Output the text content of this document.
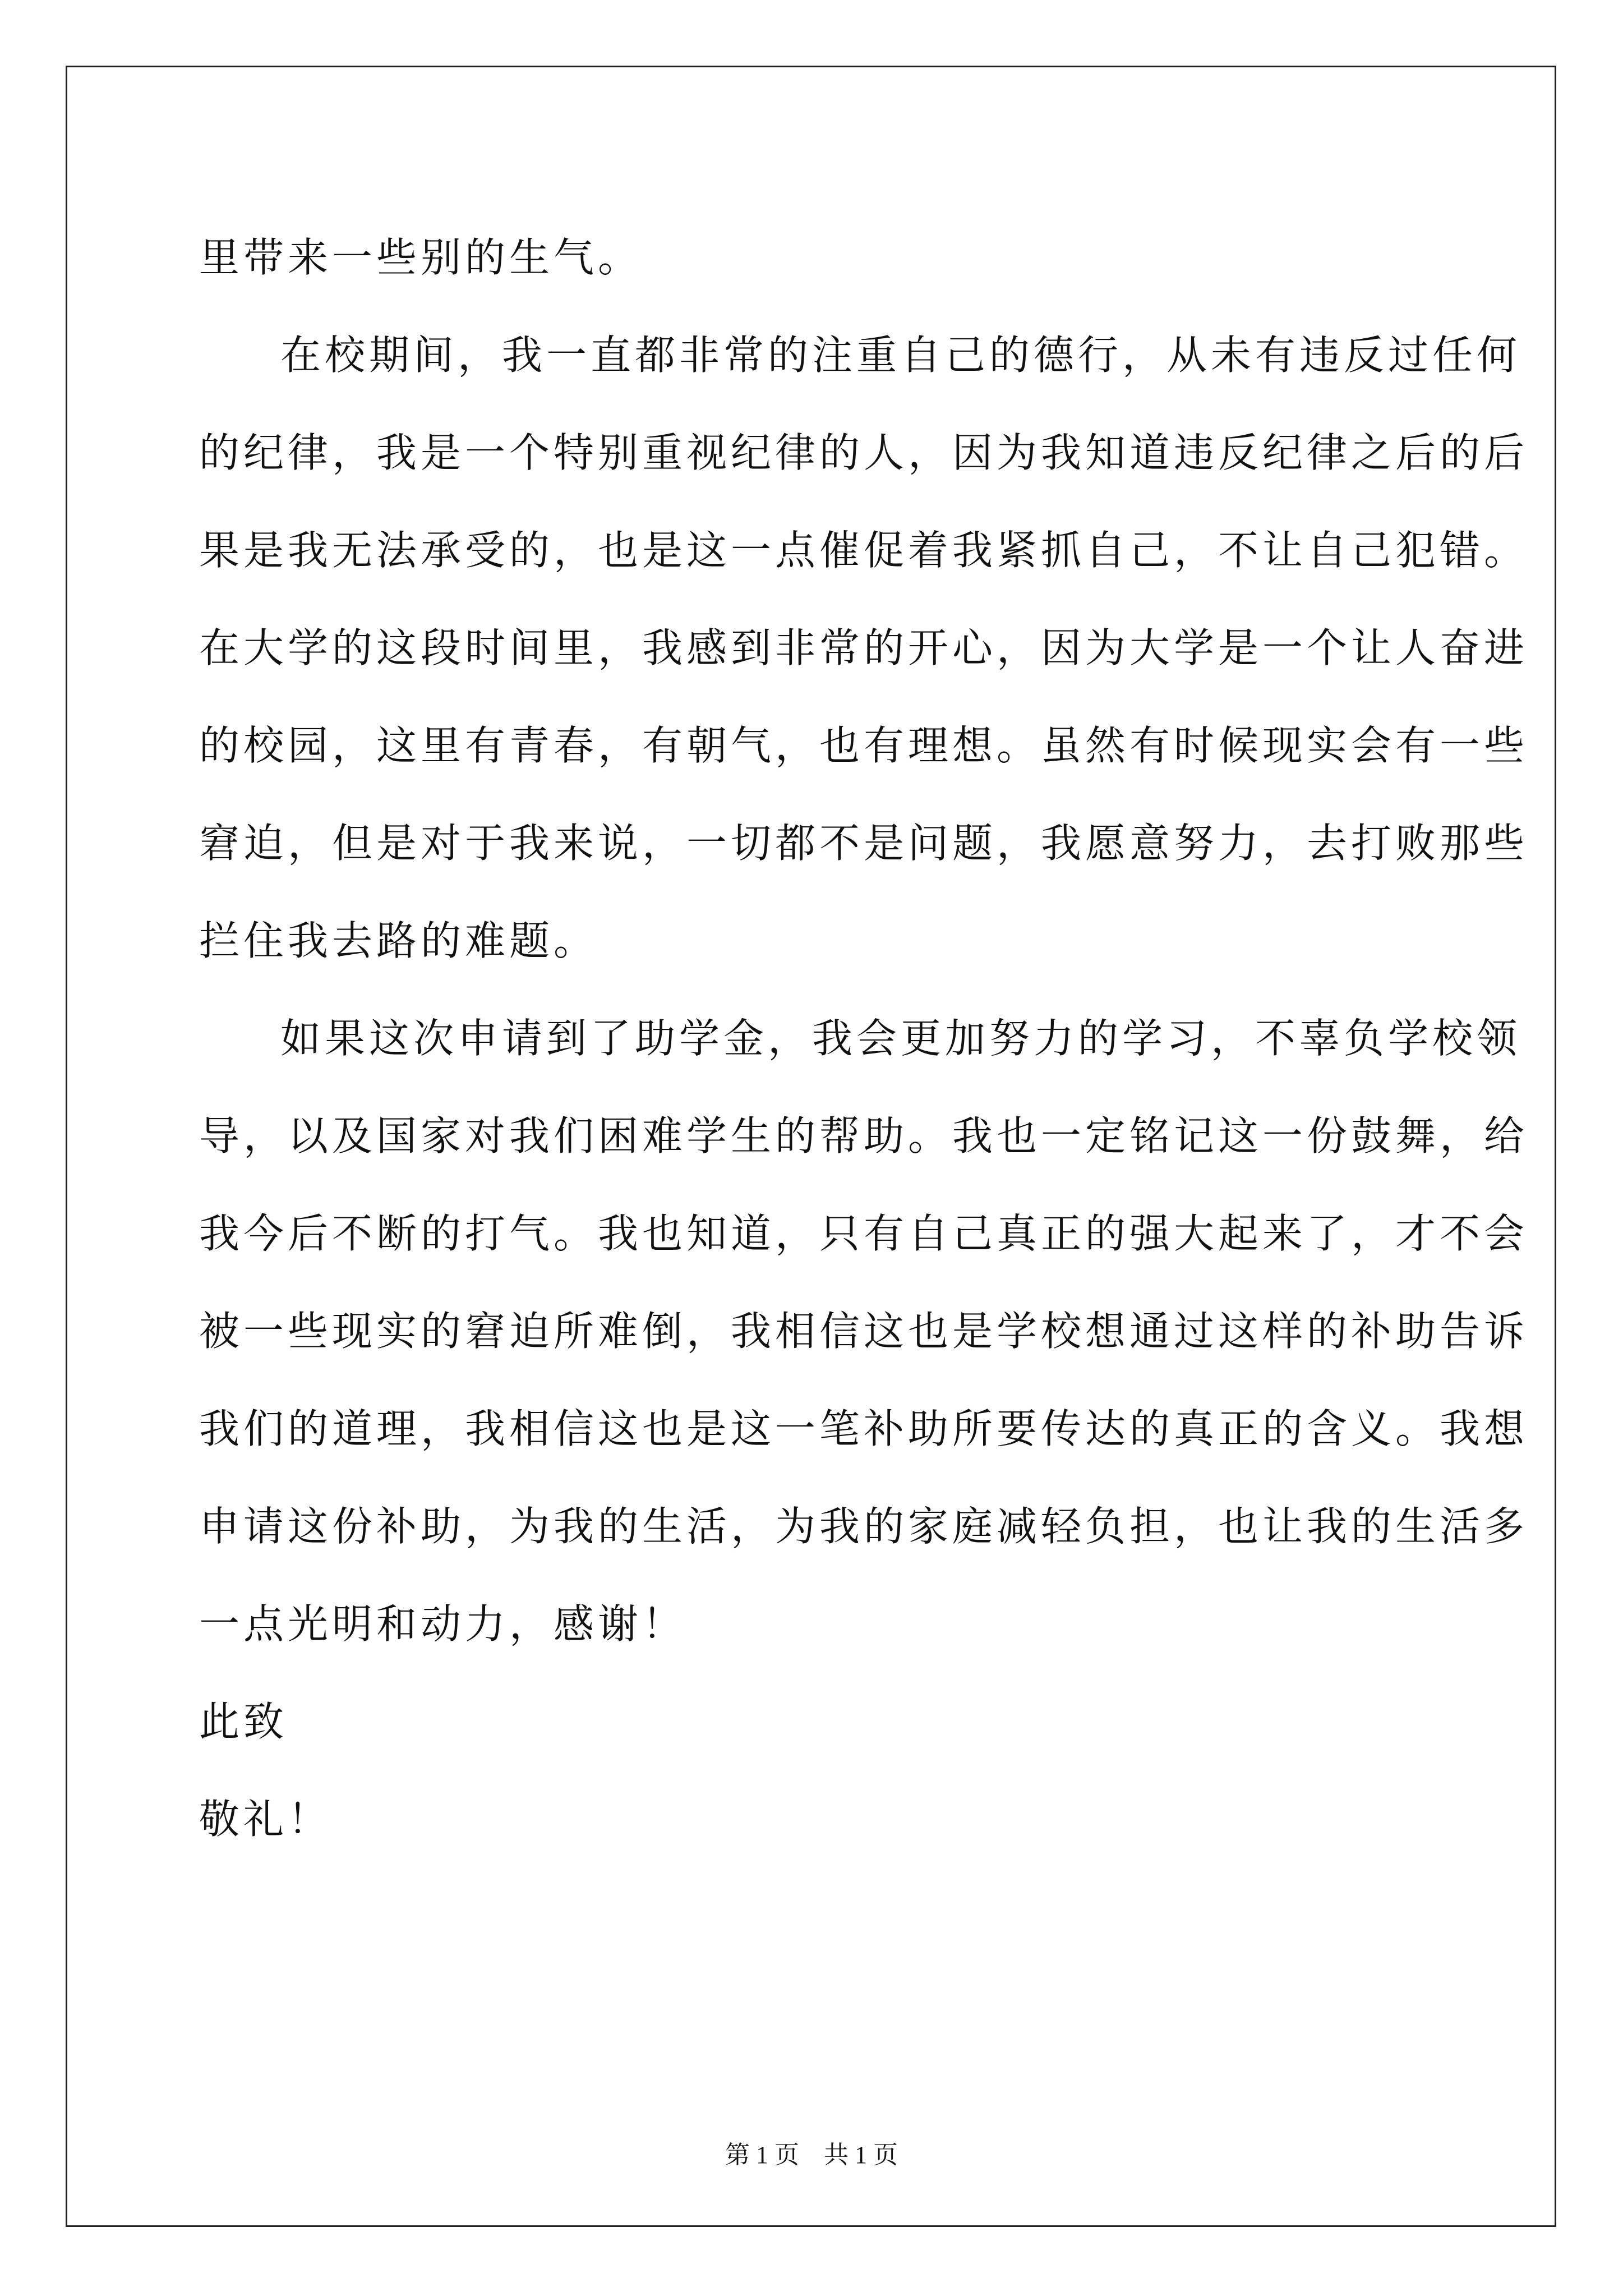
里带来一些别的生气。

在校期间，我一直都非常的注重自己的德行，从未有违反过任何

的纪律，我是一个特别重视纪律的人，因为我知道违反纪律之后的后

果是我无法承受的，也是这一点催促着我紧抓自己，不让自己犯错。

在大学的这段时间里，我感到非常的开心，因为大学是一个让人奋进

的校园，这里有青春，有朝气，也有理想。虽然有时候现实会有一些

窘迫，但是对于我来说，一切都不是问题，我愿意努力，去打败那些

拦住我去路的难题。

如果这次申请到了助学金，我会更加努力的学习，不辜负学校领

导，以及国家对我们困难学生的帮助。我也一定铭记这一份鼓舞，给

我今后不断的打气。我也知道，只有自己真正的强大起来了，才不会

被一些现实的窘迫所难倒，我相信这也是学校想通过这样的补助告诉

我们的道理，我相信这也是这一笔补助所要传达的真正的含义。我想

申请这份补助，为我的生活，为我的家庭减轻负担，也让我的生活多

一点光明和动力，感谢！

此致

敬礼！

第 1 页　共 1 页
